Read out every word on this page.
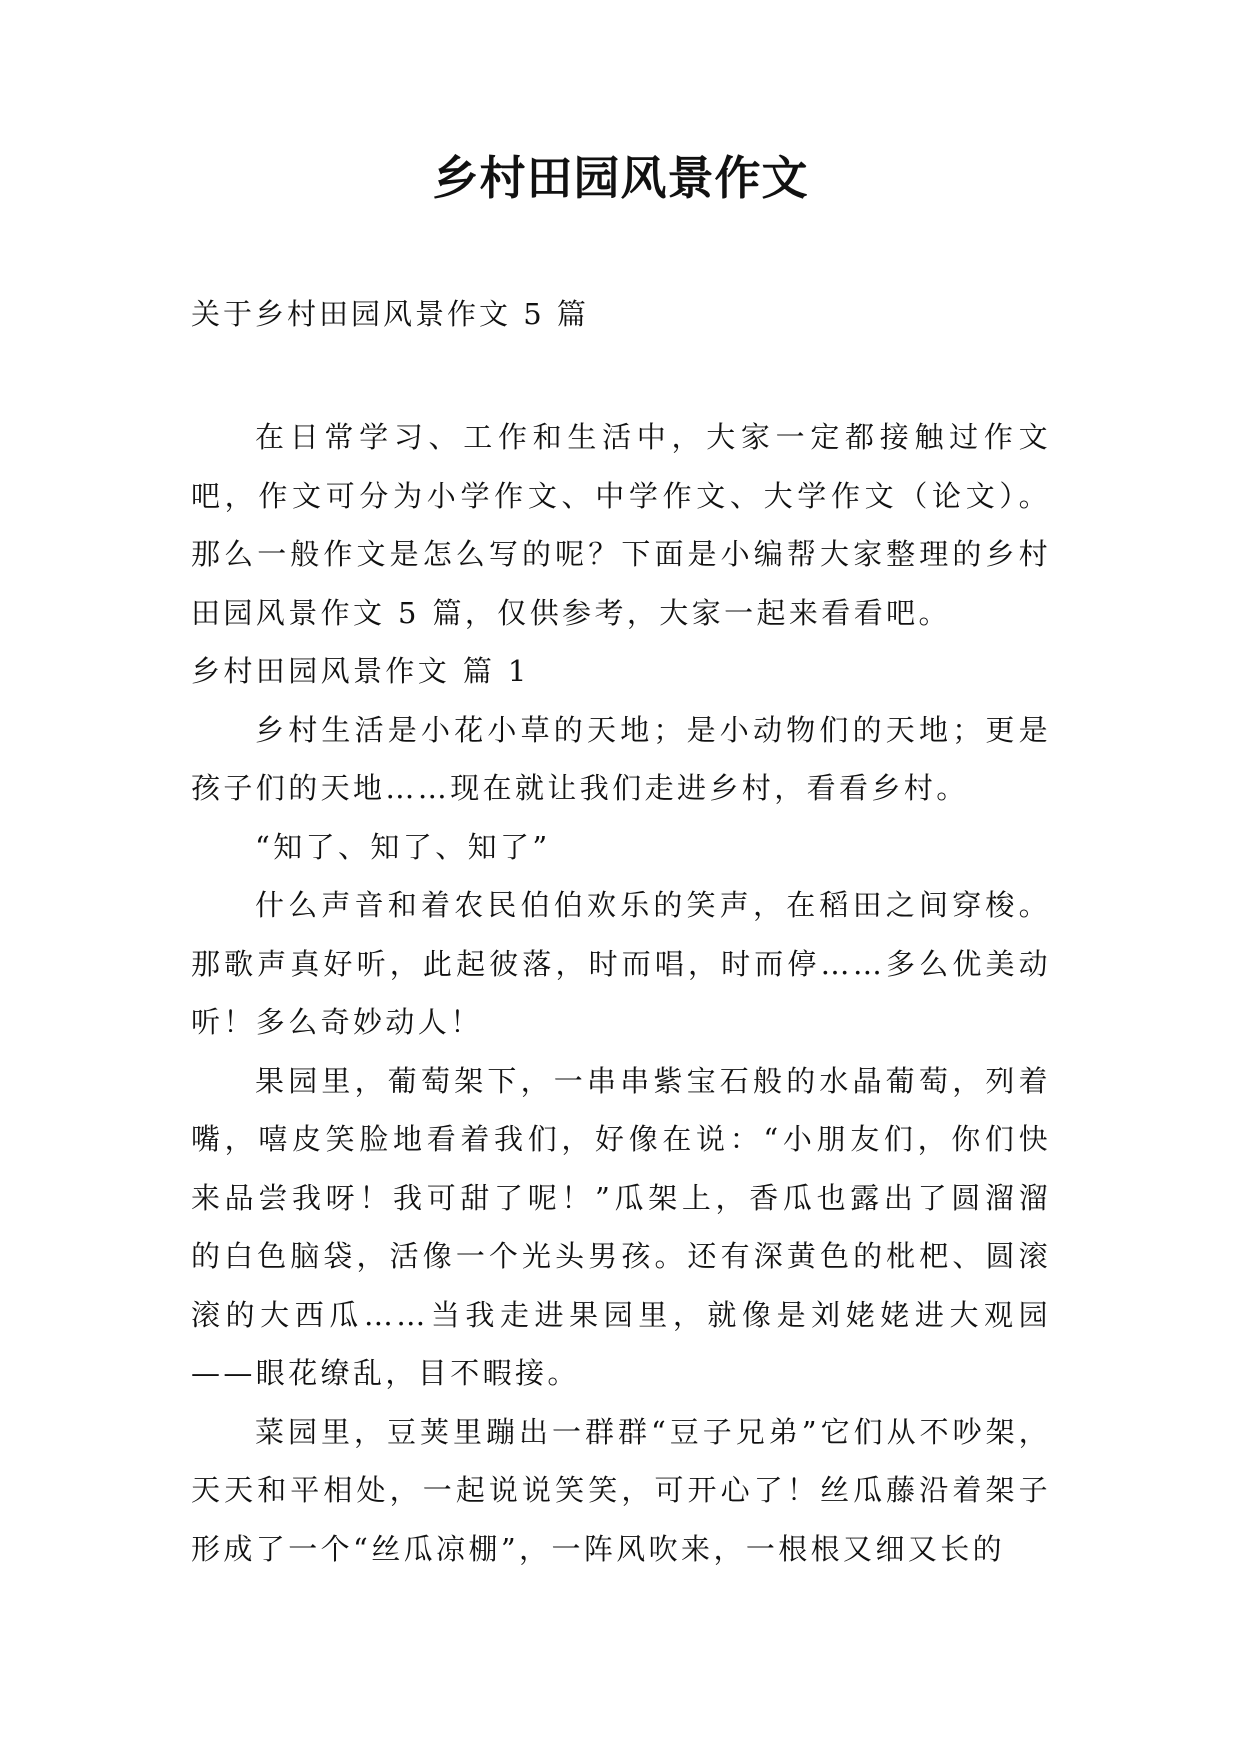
乡村田园风景作文
关于乡村田园风景作文 5 篇

在日常学习、工作和生活中，大家一定都接触过作文吧，作文可分为小学作文、中学作文、大学作文（论文）。那么一般作文是怎么写的呢？下面是小编帮大家整理的乡村田园风景作文 5 篇，仅供参考，大家一起来看看吧。

乡村田园风景作文 篇 1

乡村生活是小花小草的天地；是小动物们的天地；更是孩子们的天地……现在就让我们走进乡村，看看乡村。

“知了、知了、知了”

什么声音和着农民伯伯欢乐的笑声，在稻田之间穿梭。那歌声真好听，此起彼落，时而唱，时而停……多么优美动听！多么奇妙动人！

果园里，葡萄架下，一串串紫宝石般的水晶葡萄，列着嘴，嘻皮笑脸地看着我们，好像在说：“小朋友们，你们快来品尝我呀！我可甜了呢！”瓜架上，香瓜也露出了圆溜溜的白色脑袋，活像一个光头男孩。还有深黄色的枇杷、圆滚滚的大西瓜……当我走进果园里，就像是刘姥姥进大观园——眼花缭乱，目不暇接。

菜园里，豆荚里蹦出一群群“豆子兄弟”它们从不吵架，天天和平相处，一起说说笑笑，可开心了！丝瓜藤沿着架子形成了一个“丝瓜凉棚”，一阵风吹来，一根根又细又长的
